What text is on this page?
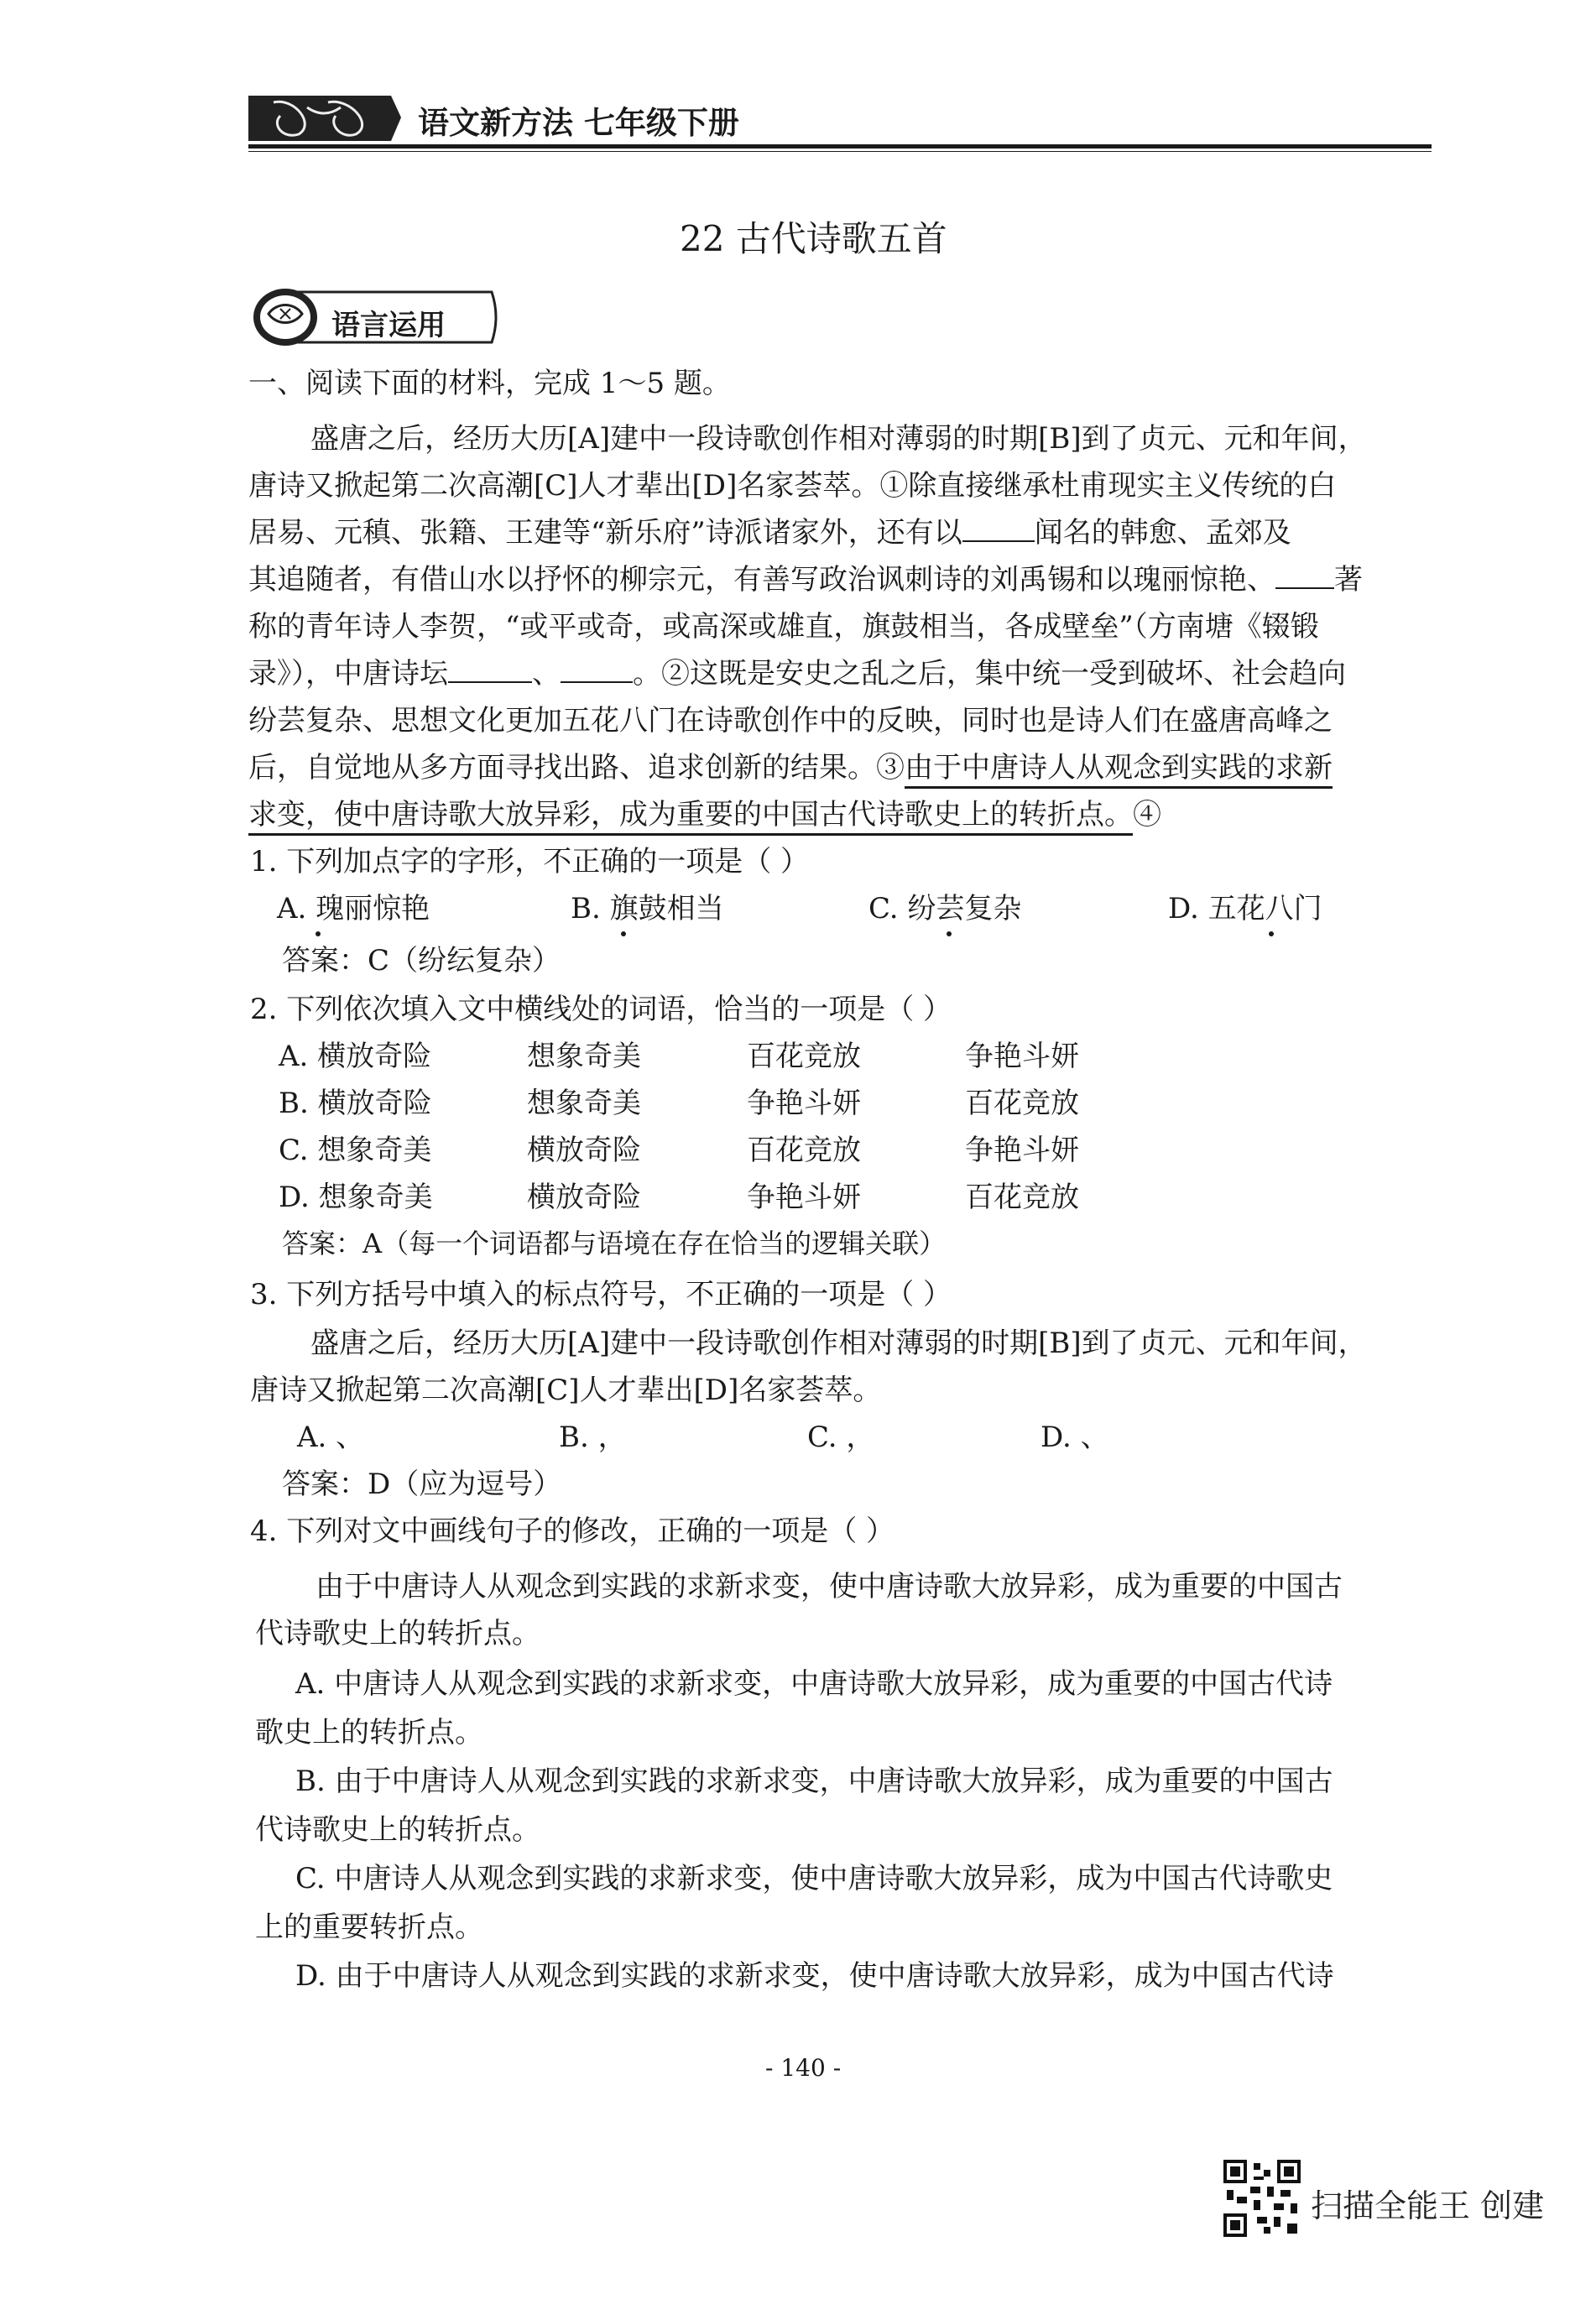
语文新方法 七年级下册
22 古代诗歌五首
语言运用
一、阅读下面的材料，完成 1～5 题。
盛唐之后，经历大历[A]建中一段诗歌创作相对薄弱的时期[B]到了贞元、元和年间，
唐诗又掀起第二次高潮[C]人才辈出[D]名家荟萃。①除直接继承杜甫现实主义传统的白
居易、元稹、张籍、王建等“新乐府”诗派诸家外，还有以	闻名的韩愈、孟郊及
其追随者，有借山水以抒怀的柳宗元，有善写政治讽刺诗的刘禹锡和以瑰丽惊艳、 著
称的青年诗人李贺，“或平或奇，或高深或雄直，旗鼓相当，各成壁垒”（方南塘《辍锻
录》），中唐诗坛	、	。②这既是安史之乱之后，集中统一受到破坏、社会趋向
纷芸复杂、思想文化更加五花八门在诗歌创作中的反映，同时也是诗人们在盛唐高峰之
后，自觉地从多方面寻找出路、追求创新的结果。③由于中唐诗人从观念到实践的求新
求变，使中唐诗歌大放异彩，成为重要的中国古代诗歌史上的转折点。④
1. 下列加点字的字形，不正确的一项是（ ）
A. 瑰丽惊艳	B. 旗鼓相当	C. 纷芸复杂	D. 五花八门
答案：C（纷纭复杂）
2. 下列依次填入文中横线处的词语，恰当的一项是（ ）
A. 横放奇险	想象奇美	百花竞放	争艳斗妍
B. 横放奇险	想象奇美	争艳斗妍	百花竞放
C. 想象奇美	横放奇险	百花竞放	争艳斗妍
D. 想象奇美	横放奇险	争艳斗妍	百花竞放
答案：A（每一个词语都与语境在存在恰当的逻辑关联）
3. 下列方括号中填入的标点符号，不正确的一项是（ ）
盛唐之后，经历大历[A]建中一段诗歌创作相对薄弱的时期[B]到了贞元、元和年间，
唐诗又掀起第二次高潮[C]人才辈出[D]名家荟萃。
A. 、	B. ，	C. ，	D. 、
答案：D（应为逗号）
4. 下列对文中画线句子的修改，正确的一项是（ ）
由于中唐诗人从观念到实践的求新求变，使中唐诗歌大放异彩，成为重要的中国古
代诗歌史上的转折点。
A. 中唐诗人从观念到实践的求新求变，中唐诗歌大放异彩，成为重要的中国古代诗
歌史上的转折点。
B. 由于中唐诗人从观念到实践的求新求变，中唐诗歌大放异彩，成为重要的中国古
代诗歌史上的转折点。
C. 中唐诗人从观念到实践的求新求变，使中唐诗歌大放异彩，成为中国古代诗歌史
上的重要转折点。
D. 由于中唐诗人从观念到实践的求新求变，使中唐诗歌大放异彩，成为中国古代诗
- 140 -
扫描全能王 创建
